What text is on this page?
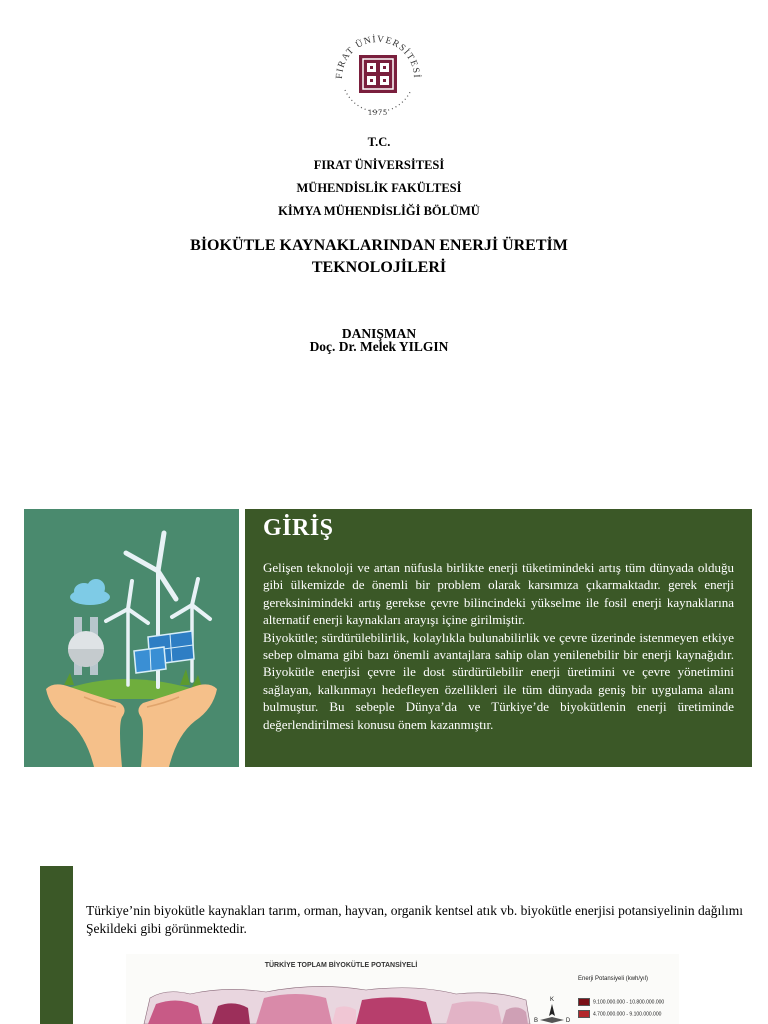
FIRAT ÜNİVERSİTESİ
1975
T.C.
FIRAT ÜNİVERSİTESİ
MÜHENDİSLİK FAKÜLTESİ
KİMYA MÜHENDİSLİĞİ BÖLÜMÜ
BİOKÜTLE KAYNAKLARINDAN ENERJİ ÜRETİM
TEKNOLOJİLERİ
DANIŞMAN
Doç. Dr. Melek YILGIN
GİRİŞ

Gelişen teknoloji ve artan nüfusla birlikte enerji tüketimindeki artış tüm dünyada olduğu gibi ülkemizde de önemli bir problem olarak karsımıza çıkarmaktadır. gerek enerji gereksinimindeki artış gerekse çevre bilincindeki yükselme ile fosil enerji kaynaklarına alternatif enerji kaynakları arayışı içine girilmiştir.

Biyokütle; sürdürülebilirlik, kolaylıkla bulunabilirlik ve çevre üzerinde istenmeyen etkiye sebep olmama gibi bazı önemli avantajlara sahip olan yenilenebilir bir enerji kaynağıdır. Biyokütle enerjisi çevre ile dost sürdürülebilir enerji üretimini ve çevre yönetimini sağlayan, kalkınmayı hedefleyen özellikleri ile tüm dünyada geniş bir uygulama alanı bulmuştur. Bu sebeple Dünya’da ve Türkiye’de biyokütlenin enerji üretiminde değerlendirilmesi konusu önem kazanmıştır.

Türkiye’nin biyokütle kaynakları tarım, orman, hayvan, organik kentsel atık vb. biyokütle enerjisi potansiyelinin dağılımı Şekildeki gibi görünmektedir.

TÜRKİYE TOPLAM BİYOKÜTLE POTANSİYELİ
K
B	D
Enerji Potansiyeli (kwh/yıl)
9.100.000.000 - 10.800.000.000
4.700.000.000 - 9.100.000.000
